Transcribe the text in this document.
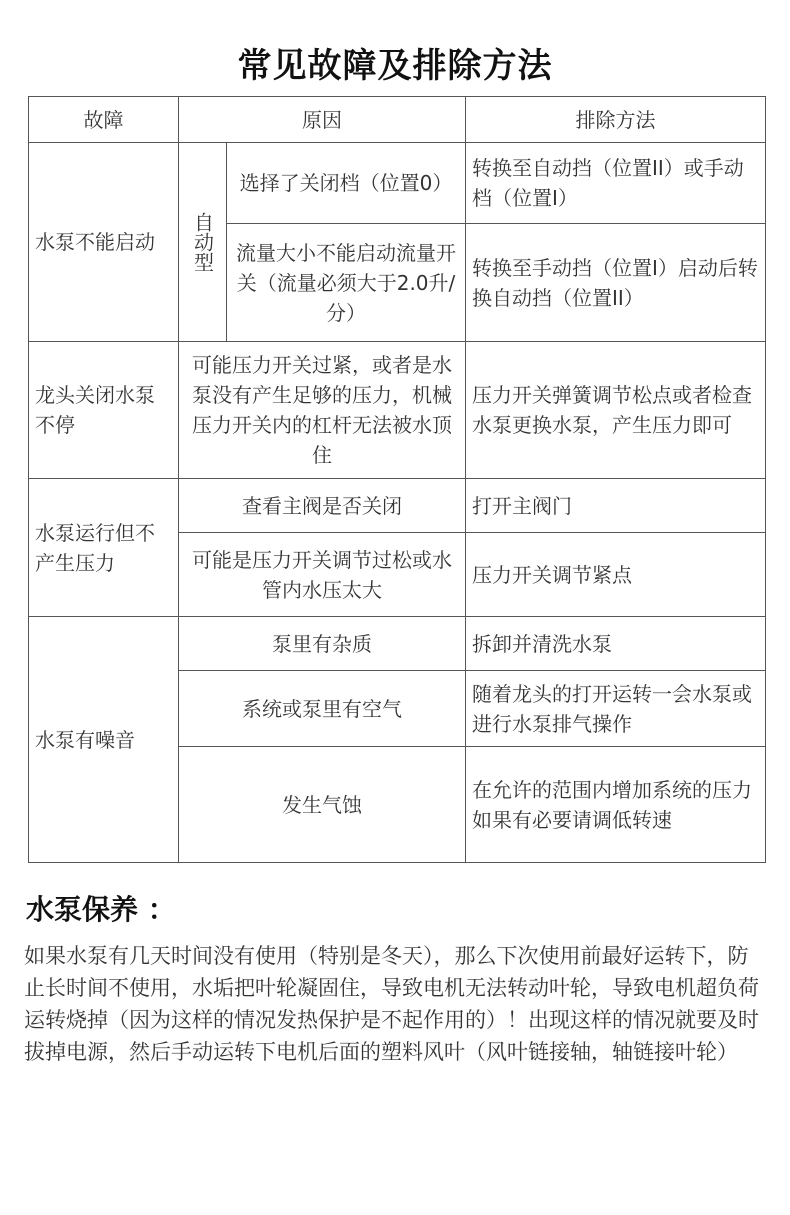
常见故障及排除方法
故障	原因		排除方法
水泵不能启动	自动型	选择了关闭档（位置0）	转换至自动挡（位置II）或手动档（位置I）
		流量大小不能启动流量开关（流量必须大于2.0升/分）	转换至手动挡（位置I）启动后转换自动挡（位置II）
龙头关闭水泵不停	可能压力开关过紧，或者是水泵没有产生足够的压力，机械压力开关内的杠杆无法被水顶住		压力开关弹簧调节松点或者检查水泵更换水泵，产生压力即可
水泵运行但不产生压力	查看主阀是否关闭		打开主阀门
	可能是压力开关调节过松或水管内水压太大		压力开关调节紧点
水泵有噪音	泵里有杂质		拆卸并清洗水泵
	系统或泵里有空气		随着龙头的打开运转一会水泵或进行水泵排气操作
	发生气蚀		在允许的范围内增加系统的压力
如果有必要请调低转速
水泵保养 ：
如果水泵有几天时间没有使用（特别是冬天），那么下次使用前最好运转下，防止长时间不使用，水垢把叶轮凝固住，导致电机无法转动叶轮，导致电机超负荷运转烧掉（因为这样的情况发热保护是不起作用的）！出现这样的情况就要及时拔掉电源，然后手动运转下电机后面的塑料风叶（风叶链接轴，轴链接叶轮）
